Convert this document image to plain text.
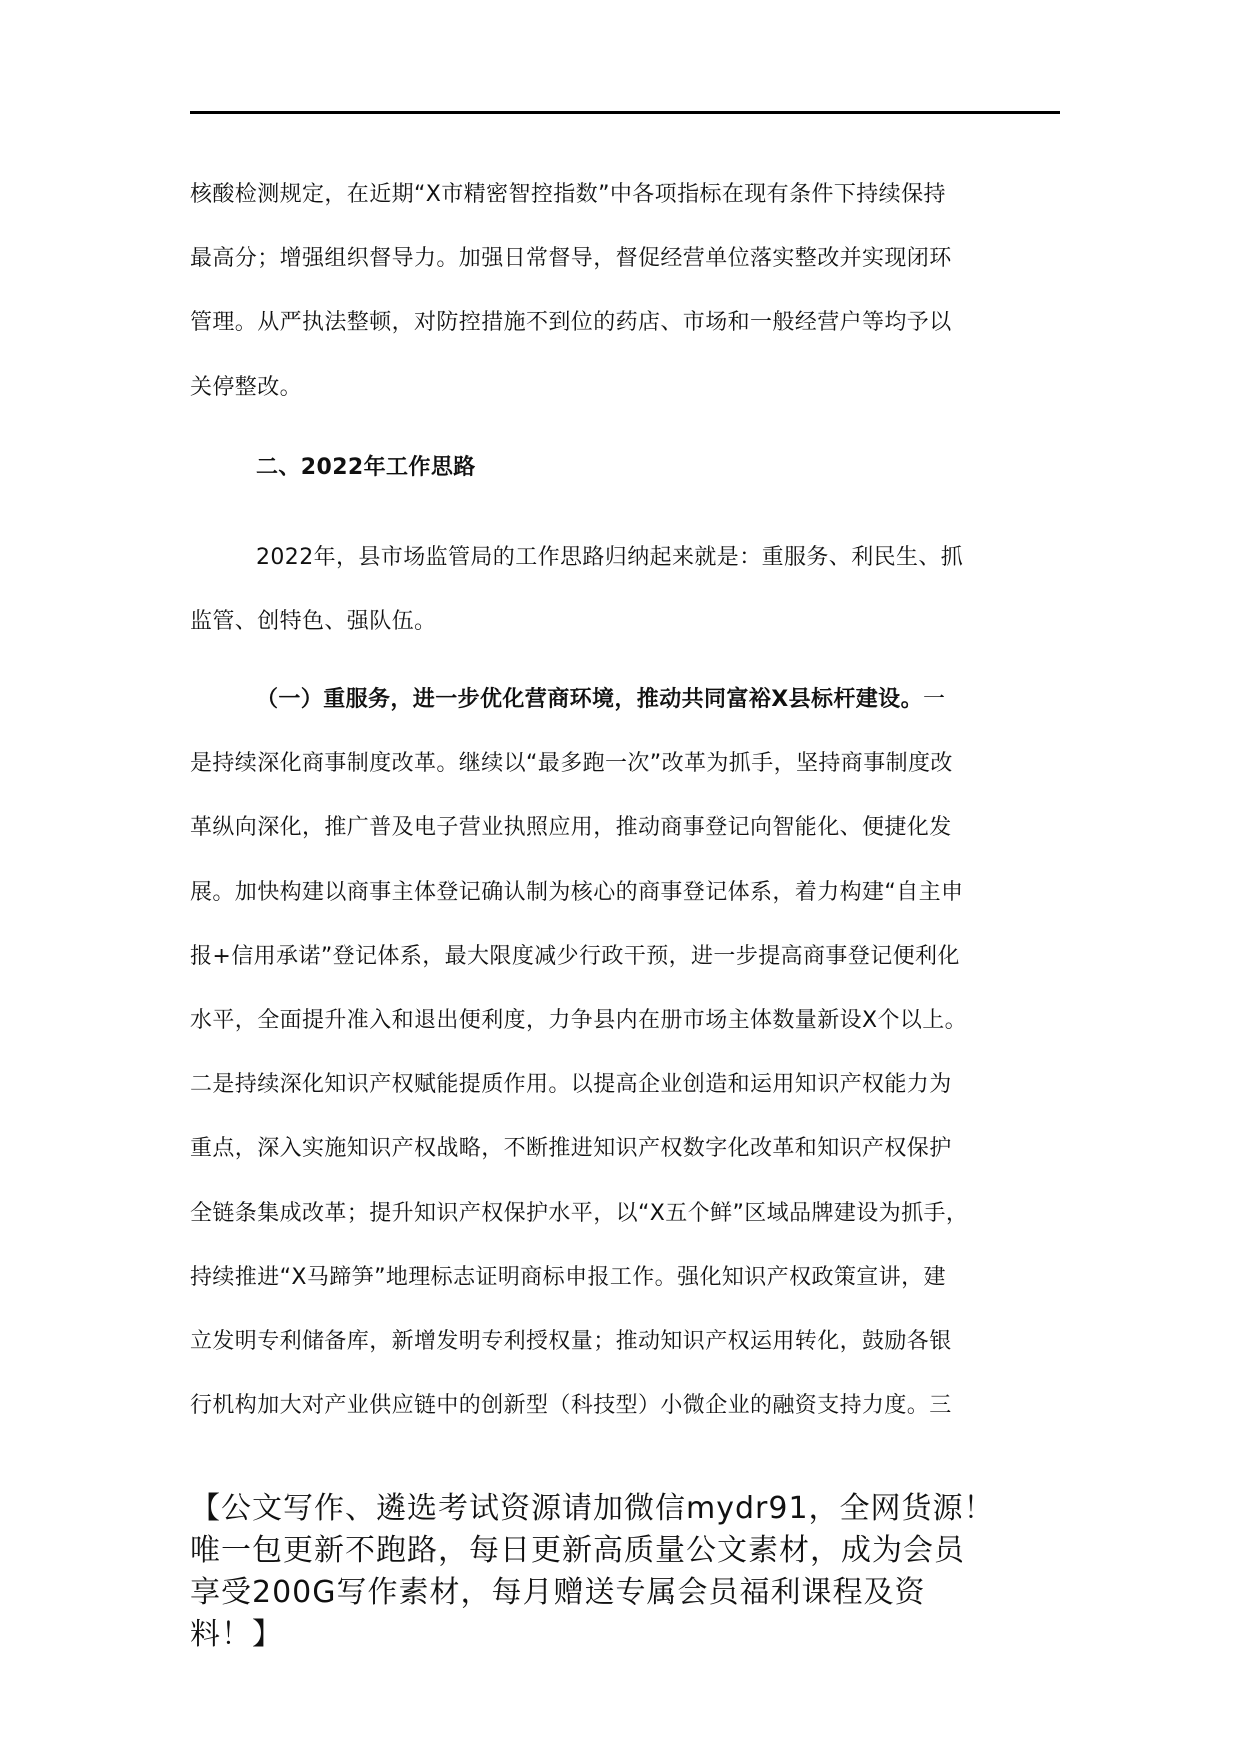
核酸检测规定，在近期“X市精密智控指数”中各项指标在现有条件下持续保持
最高分；增强组织督导力。加强日常督导，督促经营单位落实整改并实现闭环
管理。从严执法整顿，对防控措施不到位的药店、市场和一般经营户等均予以
关停整改。
二、2022年工作思路
2022年，县市场监管局的工作思路归纳起来就是：重服务、利民生、抓
监管、创特色、强队伍。
（一）重服务，进一步优化营商环境，推动共同富裕X县标杆建设。一
是持续深化商事制度改革。继续以“最多跑一次”改革为抓手，坚持商事制度改
革纵向深化，推广普及电子营业执照应用，推动商事登记向智能化、便捷化发
展。加快构建以商事主体登记确认制为核心的商事登记体系，着力构建“自主申
报+信用承诺”登记体系，最大限度减少行政干预，进一步提高商事登记便利化
水平，全面提升准入和退出便利度，力争县内在册市场主体数量新设X个以上。
二是持续深化知识产权赋能提质作用。以提高企业创造和运用知识产权能力为
重点，深入实施知识产权战略，不断推进知识产权数字化改革和知识产权保护
全链条集成改革；提升知识产权保护水平，以“X五个鲜”区域品牌建设为抓手，
持续推进“X马蹄笋”地理标志证明商标申报工作。强化知识产权政策宣讲，建
立发明专利储备库，新增发明专利授权量；推动知识产权运用转化，鼓励各银
行机构加大对产业供应链中的创新型（科技型）小微企业的融资支持力度。三
【公文写作、遴选考试资源请加微信mydr91，全网货源！
唯一包更新不跑路，每日更新高质量公文素材，成为会员
享受200G写作素材，每月赠送专属会员福利课程及资
料！】
